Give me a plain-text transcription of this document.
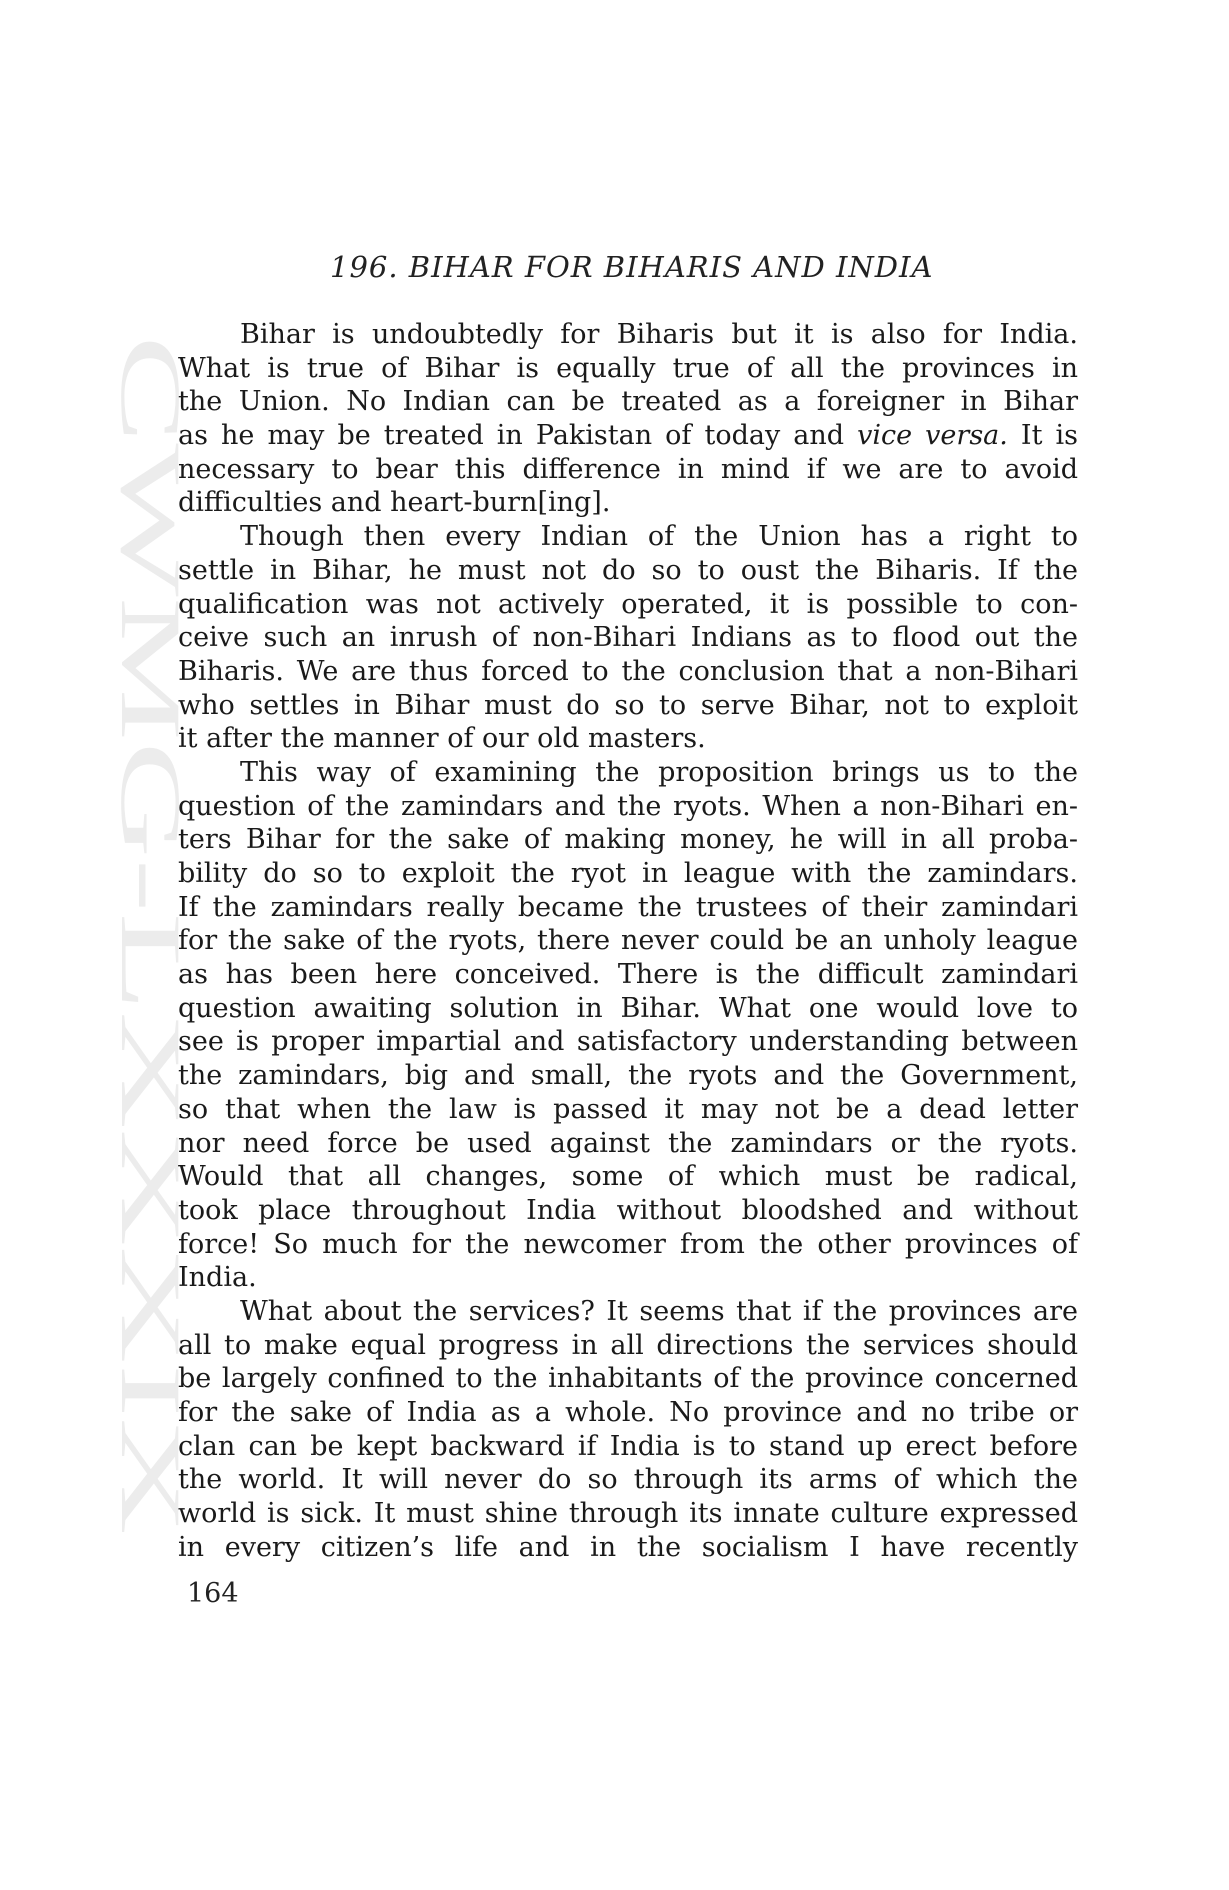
CWMG-LXXXIX
196. BIHAR FOR BIHARIS AND INDIA
Bihar is undoubtedly for Biharis but it is also for India.
What is true of Bihar is equally true of all the provinces in
the Union. No Indian can be treated as a foreigner in Bihar
as he may be treated in Pakistan of today and vice versa. It is
necessary to bear this difference in mind if we are to avoid
difficulties and heart-burn[ing].
Though then every Indian of the Union has a right to
settle in Bihar, he must not do so to oust the Biharis. If the
qualification was not actively operated, it is possible to con-
ceive such an inrush of non-Bihari Indians as to flood out the
Biharis. We are thus forced to the conclusion that a non-Bihari
who settles in Bihar must do so to serve Bihar, not to exploit
it after the manner of our old masters.
This way of examining the proposition brings us to the
question of the zamindars and the ryots. When a non-Bihari en-
ters Bihar for the sake of making money, he will in all proba-
bility do so to exploit the ryot in league with the zamindars.
If the zamindars really became the trustees of their zamindari
for the sake of the ryots, there never could be an unholy league
as has been here conceived. There is the difficult zamindari
question awaiting solution in Bihar. What one would love to
see is proper impartial and satisfactory understanding between
the zamindars, big and small, the ryots and the Government,
so that when the law is passed it may not be a dead letter
nor need force be used against the zamindars or the ryots.
Would that all changes, some of which must be radical,
took place throughout India without bloodshed and without
force! So much for the newcomer from the other provinces of
India.
What about the services? It seems that if the provinces are
all to make equal progress in all directions the services should
be largely confined to the inhabitants of the province concerned
for the sake of India as a whole. No province and no tribe or
clan can be kept backward if India is to stand up erect before
the world. It will never do so through its arms of which the
world is sick. It must shine through its innate culture expressed
in every citizen’s life and in the socialism I have recently
164
